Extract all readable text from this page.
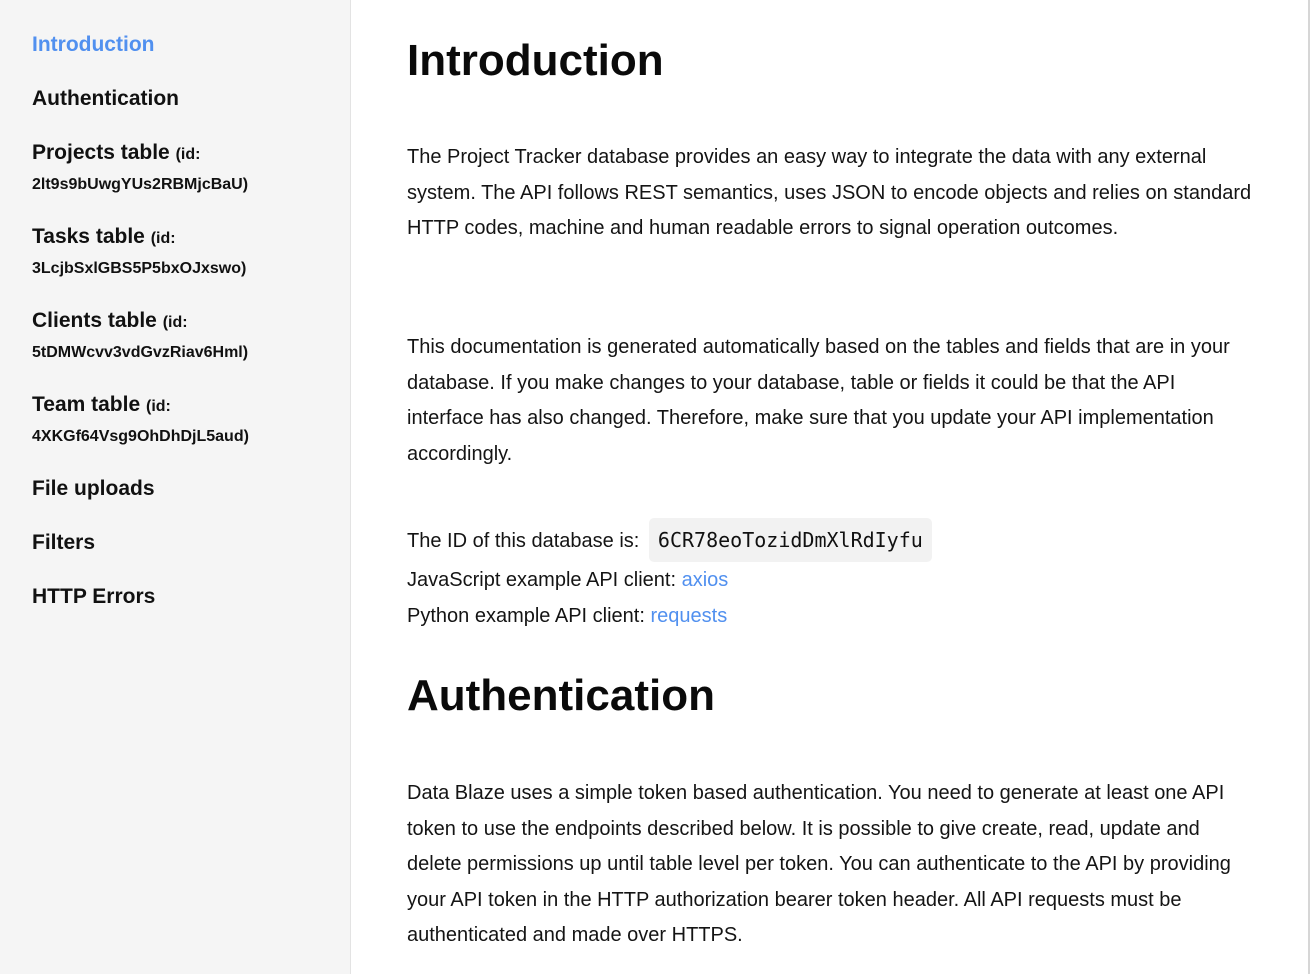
Introduction
Authentication
Projects table (id: 2lt9s9bUwgYUs2RBMjcBaU)
Tasks table (id: 3LcjbSxlGBS5P5bxOJxswo)
Clients table (id: 5tDMWcvv3vdGvzRiav6Hml)
Team table (id: 4XKGf64Vsg9OhDhDjL5aud)
File uploads
Filters
HTTP Errors
Introduction

The Project Tracker database provides an easy way to integrate the data with any external system. The API follows REST semantics, uses JSON to encode objects and relies on standard HTTP codes, machine and human readable errors to signal operation outcomes.

This documentation is generated automatically based on the tables and fields that are in your database. If you make changes to your database, table or fields it could be that the API interface has also changed. Therefore, make sure that you update your API implementation accordingly.

The ID of this database is: 6CR78eoTozidDmXlRdIyfu
JavaScript example API client: axios
Python example API client: requests
Authentication

Data Blaze uses a simple token based authentication. You need to generate at least one API token to use the endpoints described below. It is possible to give create, read, update and delete permissions up until table level per token. You can authenticate to the API by providing your API token in the HTTP authorization bearer token header. All API requests must be authenticated and made over HTTPS.
